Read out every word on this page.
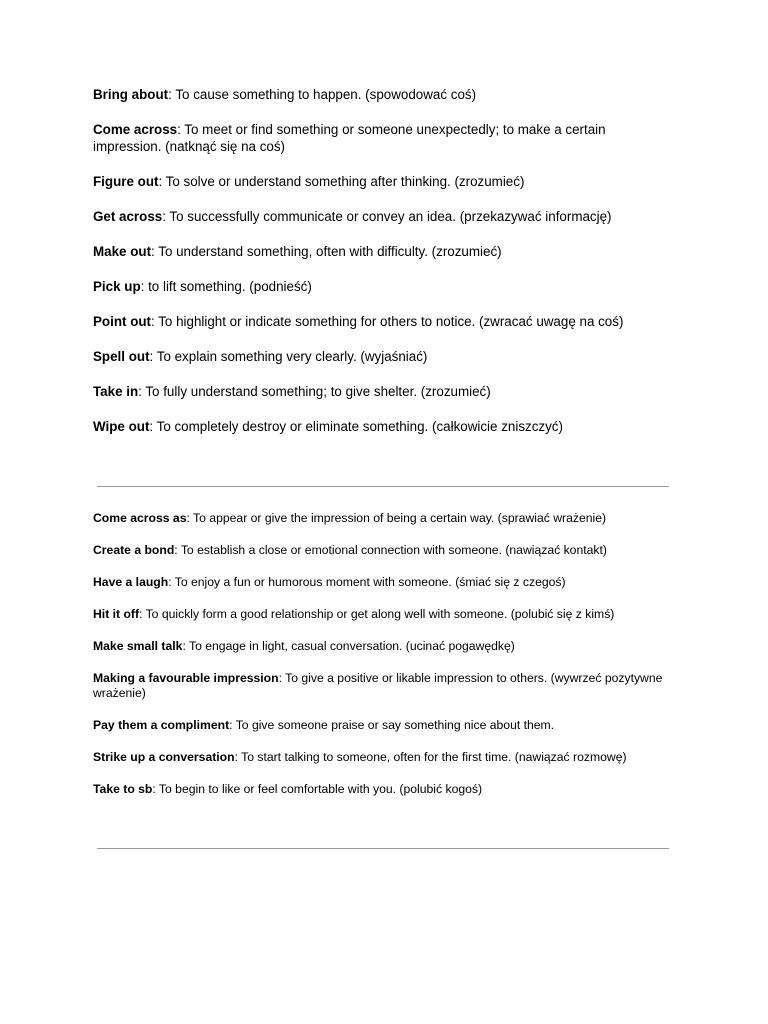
Bring about: To cause something to happen. (spowodować coś)

Come across: To meet or find something or someone unexpectedly; to make a certain impression. (natknąć się na coś)

Figure out: To solve or understand something after thinking. (zrozumieć)

Get across: To successfully communicate or convey an idea. (przekazywać informację)

Make out: To understand something, often with difficulty. (zrozumieć)

Pick up: to lift something. (podnieść)

Point out: To highlight or indicate something for others to notice. (zwracać uwagę na coś)

Spell out: To explain something very clearly. (wyjaśniać)

Take in: To fully understand something; to give shelter. (zrozumieć)

Wipe out: To completely destroy or eliminate something. (całkowicie zniszczyć)

Come across as: To appear or give the impression of being a certain way. (sprawiać wrażenie)

Create a bond: To establish a close or emotional connection with someone. (nawiązać kontakt)

Have a laugh: To enjoy a fun or humorous moment with someone. (śmiać się z czegoś)

Hit it off: To quickly form a good relationship or get along well with someone. (polubić się z kimś)

Make small talk: To engage in light, casual conversation. (ucinać pogawędkę)

Making a favourable impression: To give a positive or likable impression to others. (wywrzeć pozytywne wrażenie)

Pay them a compliment: To give someone praise or say something nice about them.

Strike up a conversation: To start talking to someone, often for the first time. (nawiązać rozmowę)

Take to sb: To begin to like or feel comfortable with you. (polubić kogoś)
